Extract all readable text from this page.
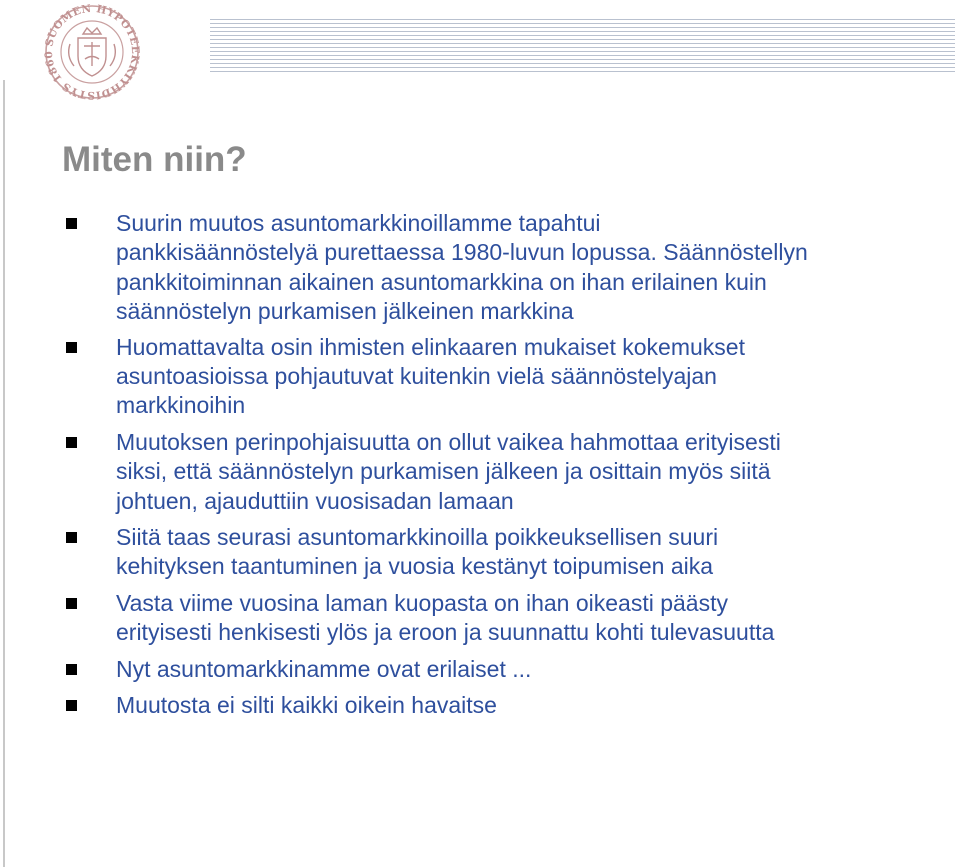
SUOMEN HYPOTEEKKIYHDISTYS 1860
Miten niin?
Suurin muutos asuntomarkkinoillamme tapahtui
pankkisäännöstelyä purettaessa 1980-luvun lopussa. Säännöstellyn
pankkitoiminnan aikainen asuntomarkkina on ihan erilainen kuin
säännöstelyn purkamisen jälkeinen markkina
Huomattavalta osin ihmisten elinkaaren mukaiset kokemukset
asuntoasioissa pohjautuvat kuitenkin vielä säännöstelyajan
markkinoihin
Muutoksen perinpohjaisuutta on ollut vaikea hahmottaa erityisesti
siksi, että säännöstelyn purkamisen jälkeen ja osittain myös siitä
johtuen, ajauduttiin vuosisadan lamaan
Siitä taas seurasi asuntomarkkinoilla poikkeuksellisen suuri
kehityksen taantuminen ja vuosia kestänyt toipumisen aika
Vasta viime vuosina laman kuopasta on ihan oikeasti päästy
erityisesti henkisesti ylös ja eroon ja suunnattu kohti tulevasuutta
Nyt asuntomarkkinamme ovat erilaiset ...
Muutosta ei silti kaikki oikein havaitse
